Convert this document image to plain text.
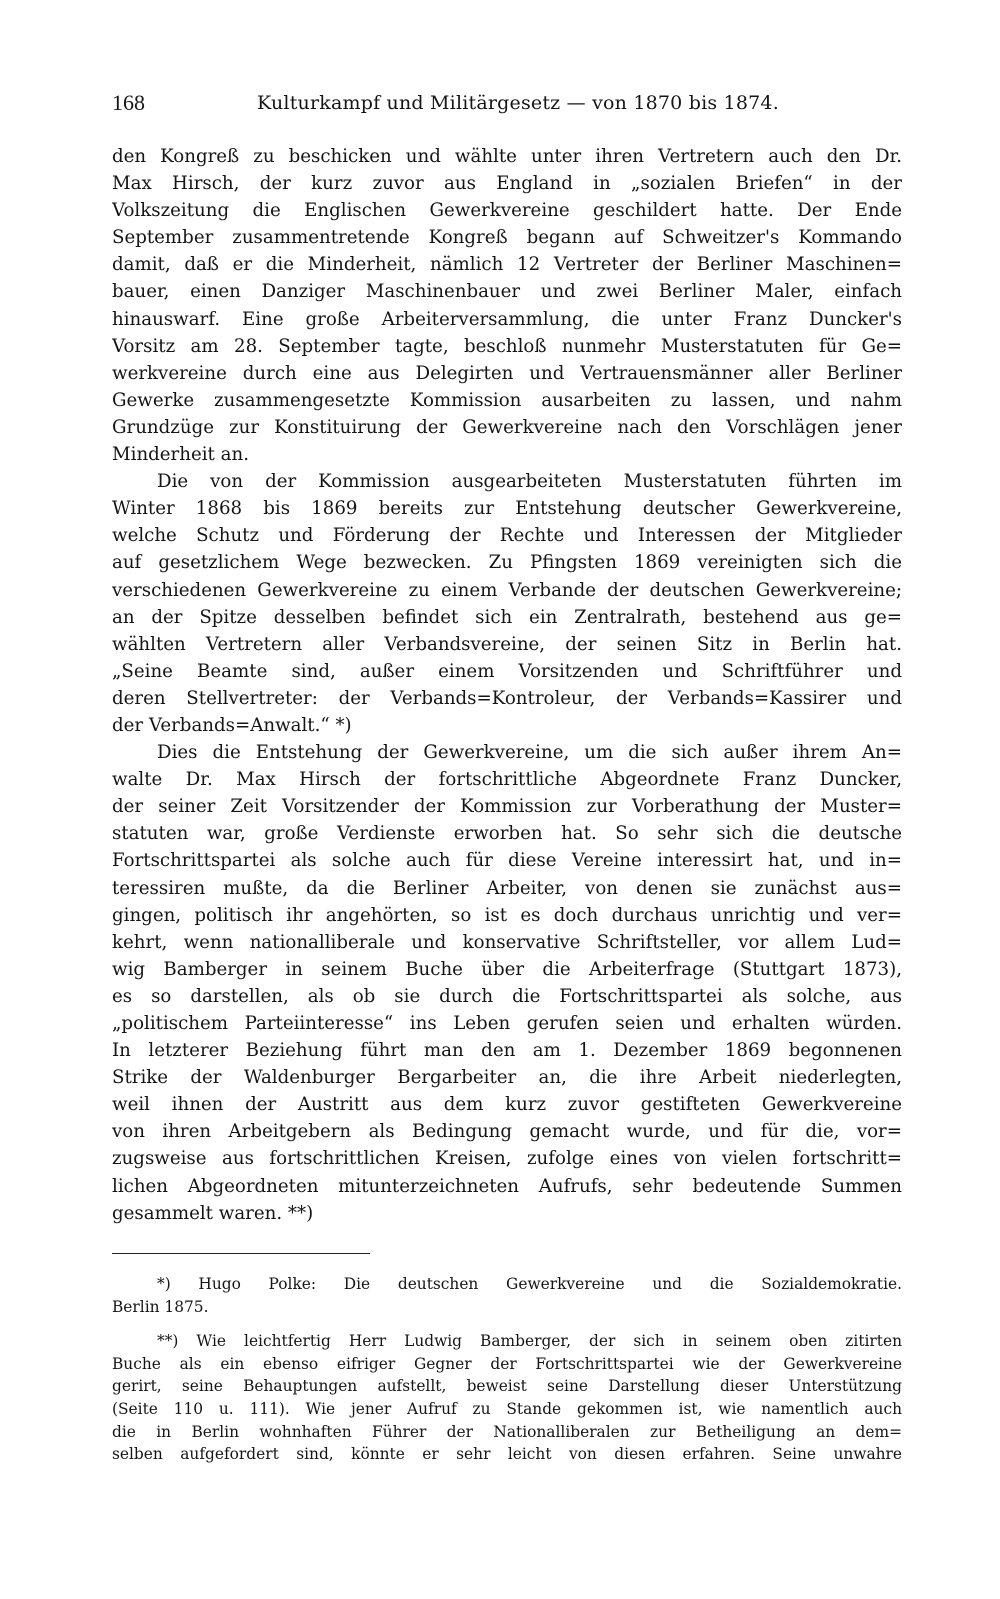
168	Kulturkampf und Militärgesetz — von 1870 bis 1874.
den Kongreß zu beschicken und wählte unter ihren Vertretern auch den Dr.
Max Hirsch, der kurz zuvor aus England in „sozialen Briefen“ in der
Volkszeitung die Englischen Gewerkvereine geschildert hatte. Der Ende
September zusammentretende Kongreß begann auf Schweitzer's Kommando
damit, daß er die Minderheit, nämlich 12 Vertreter der Berliner Maschinen=
bauer, einen Danziger Maschinenbauer und zwei Berliner Maler, einfach
hinauswarf. Eine große Arbeiterversammlung, die unter Franz Duncker's
Vorsitz am 28. September tagte, beschloß nunmehr Musterstatuten für Ge=
werkvereine durch eine aus Delegirten und Vertrauensmänner aller Berliner
Gewerke zusammengesetzte Kommission ausarbeiten zu lassen, und nahm
Grundzüge zur Konstituirung der Gewerkvereine nach den Vorschlägen jener
Minderheit an.
Die von der Kommission ausgearbeiteten Musterstatuten führten im
Winter 1868 bis 1869 bereits zur Entstehung deutscher Gewerkvereine,
welche Schutz und Förderung der Rechte und Interessen der Mitglieder
auf gesetzlichem Wege bezwecken. Zu Pfingsten 1869 vereinigten sich die
verschiedenen Gewerkvereine zu einem Verbande der deutschen Gewerkvereine;
an der Spitze desselben befindet sich ein Zentralrath, bestehend aus ge=
wählten Vertretern aller Verbandsvereine, der seinen Sitz in Berlin hat.
„Seine Beamte sind, außer einem Vorsitzenden und Schriftführer und
deren Stellvertreter: der Verbands=Kontroleur, der Verbands=Kassirer und
der Verbands=Anwalt.“ *)
Dies die Entstehung der Gewerkvereine, um die sich außer ihrem An=
walte Dr. Max Hirsch der fortschrittliche Abgeordnete Franz Duncker,
der seiner Zeit Vorsitzender der Kommission zur Vorberathung der Muster=
statuten war, große Verdienste erworben hat. So sehr sich die deutsche
Fortschrittspartei als solche auch für diese Vereine interessirt hat, und in=
teressiren mußte, da die Berliner Arbeiter, von denen sie zunächst aus=
gingen, politisch ihr angehörten, so ist es doch durchaus unrichtig und ver=
kehrt, wenn nationalliberale und konservative Schriftsteller, vor allem Lud=
wig Bamberger in seinem Buche über die Arbeiterfrage (Stuttgart 1873),
es so darstellen, als ob sie durch die Fortschrittspartei als solche, aus
„politischem Parteiinteresse“ ins Leben gerufen seien und erhalten würden.
In letzterer Beziehung führt man den am 1. Dezember 1869 begonnenen
Strike der Waldenburger Bergarbeiter an, die ihre Arbeit niederlegten,
weil ihnen der Austritt aus dem kurz zuvor gestifteten Gewerkvereine
von ihren Arbeitgebern als Bedingung gemacht wurde, und für die, vor=
zugsweise aus fortschrittlichen Kreisen, zufolge eines von vielen fortschritt=
lichen Abgeordneten mitunterzeichneten Aufrufs, sehr bedeutende Summen
gesammelt waren. **)
*) Hugo Polke: Die deutschen Gewerkvereine und die Sozialdemokratie.
Berlin 1875.
**) Wie leichtfertig Herr Ludwig Bamberger, der sich in seinem oben zitirten
Buche als ein ebenso eifriger Gegner der Fortschrittspartei wie der Gewerkvereine
gerirt, seine Behauptungen aufstellt, beweist seine Darstellung dieser Unterstützung
(Seite 110 u. 111). Wie jener Aufruf zu Stande gekommen ist, wie namentlich auch
die in Berlin wohnhaften Führer der Nationalliberalen zur Betheiligung an dem=
selben aufgefordert sind, könnte er sehr leicht von diesen erfahren. Seine unwahre
